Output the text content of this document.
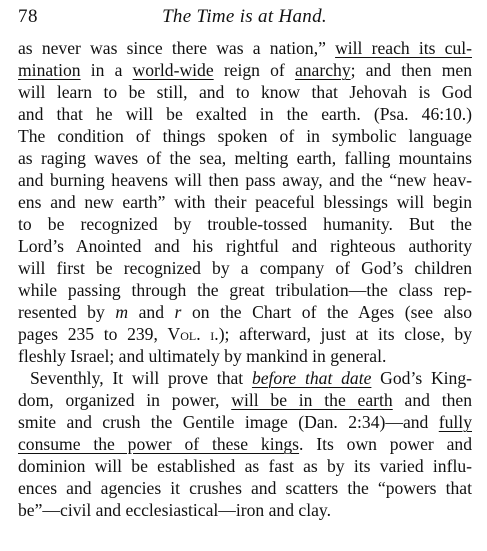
78	The Time is at Hand.
as never was since there was a nation,” will reach its cul-
mination in a world-wide reign of anarchy; and then men
will learn to be still, and to know that Jehovah is God
and that he will be exalted in the earth. (Psa. 46:10.)
The condition of things spoken of in symbolic language
as raging waves of the sea, melting earth, falling mountains
and burning heavens will then pass away, and the “new heav-
ens and new earth” with their peaceful blessings will begin
to be recognized by trouble-tossed humanity. But the
Lord’s Anointed and his rightful and righteous authority
will first be recognized by a company of God’s children
while passing through the great tribulation—the class rep-
resented by m and r on the Chart of the Ages (see also
pages 235 to 239, Vol. i.); afterward, just at its close, by
fleshly Israel; and ultimately by mankind in general.
Seventhly, It will prove that before that date God’s King-
dom, organized in power, will be in the earth and then
smite and crush the Gentile image (Dan. 2:34)—and fully
consume the power of these kings. Its own power and
dominion will be established as fast as by its varied influ-
ences and agencies it crushes and scatters the “powers that
be”—civil and ecclesiastical—iron and clay.
